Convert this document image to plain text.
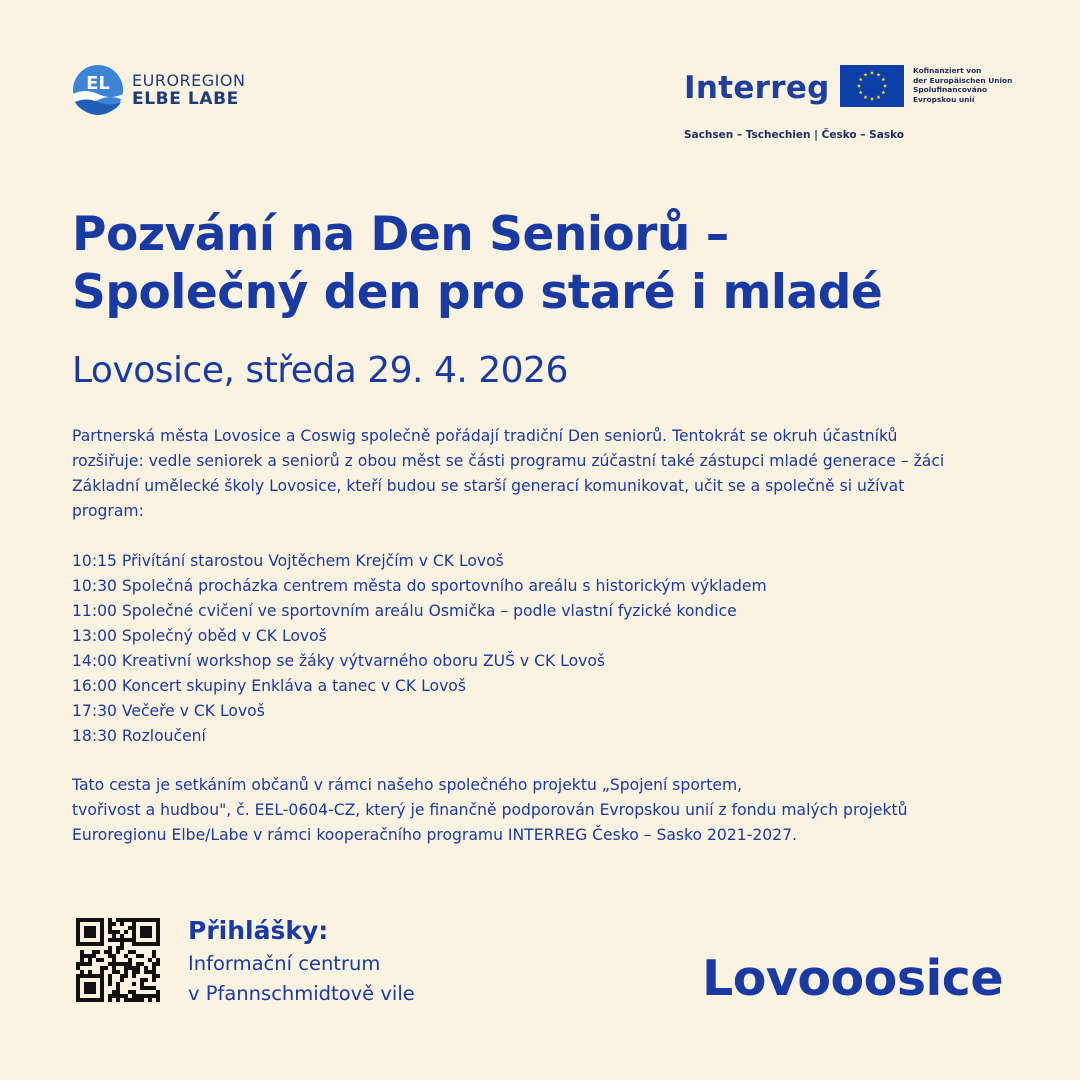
EL EUROREGION
ELBE LABE	Interreg	Kofinanziert von
der Europäischen Union
Spolufinancováno
Evropskou unií
Sachsen – Tschechien | Česko – Sasko
Pozvání na Den Seniorů –
Společný den pro staré i mladé
Lovosice, středa 29. 4. 2026

Partnerská města Lovosice a Coswig společně pořádají tradiční Den seniorů. Tentokrát se okruh účastníků rozšiřuje: vedle seniorek a seniorů z obou měst se části programu zúčastní také zástupci mladé generace – žáci Základní umělecké školy Lovosice, kteří budou se starší generací komunikovat, učit se a společně si užívat program:

10:15 Přivítání starostou Vojtěchem Krejčím v CK Lovoš
10:30 Společná procházka centrem města do sportovního areálu s historickým výkladem
11:00 Společné cvičení ve sportovním areálu Osmička – podle vlastní fyzické kondice
13:00 Společný oběd v CK Lovoš
14:00 Kreativní workshop se žáky výtvarného oboru ZUŠ v CK Lovoš
16:00 Koncert skupiny Enkláva a tanec v CK Lovoš
17:30 Večeře v CK Lovoš
18:30 Rozloučení

Tato cesta je setkáním občanů v rámci našeho společného projektu „Spojení sportem,
tvořivost a hudbou", č. EEL-0604-CZ, který je finančně podporován Evropskou unií z fondu malých projektů
Euroregionu Elbe/Labe v rámci kooperačního programu INTERREG Česko – Sasko 2021-2027.

Přihlášky:
Informační centrum
v Pfannschmidtově vile	Lovooosice
